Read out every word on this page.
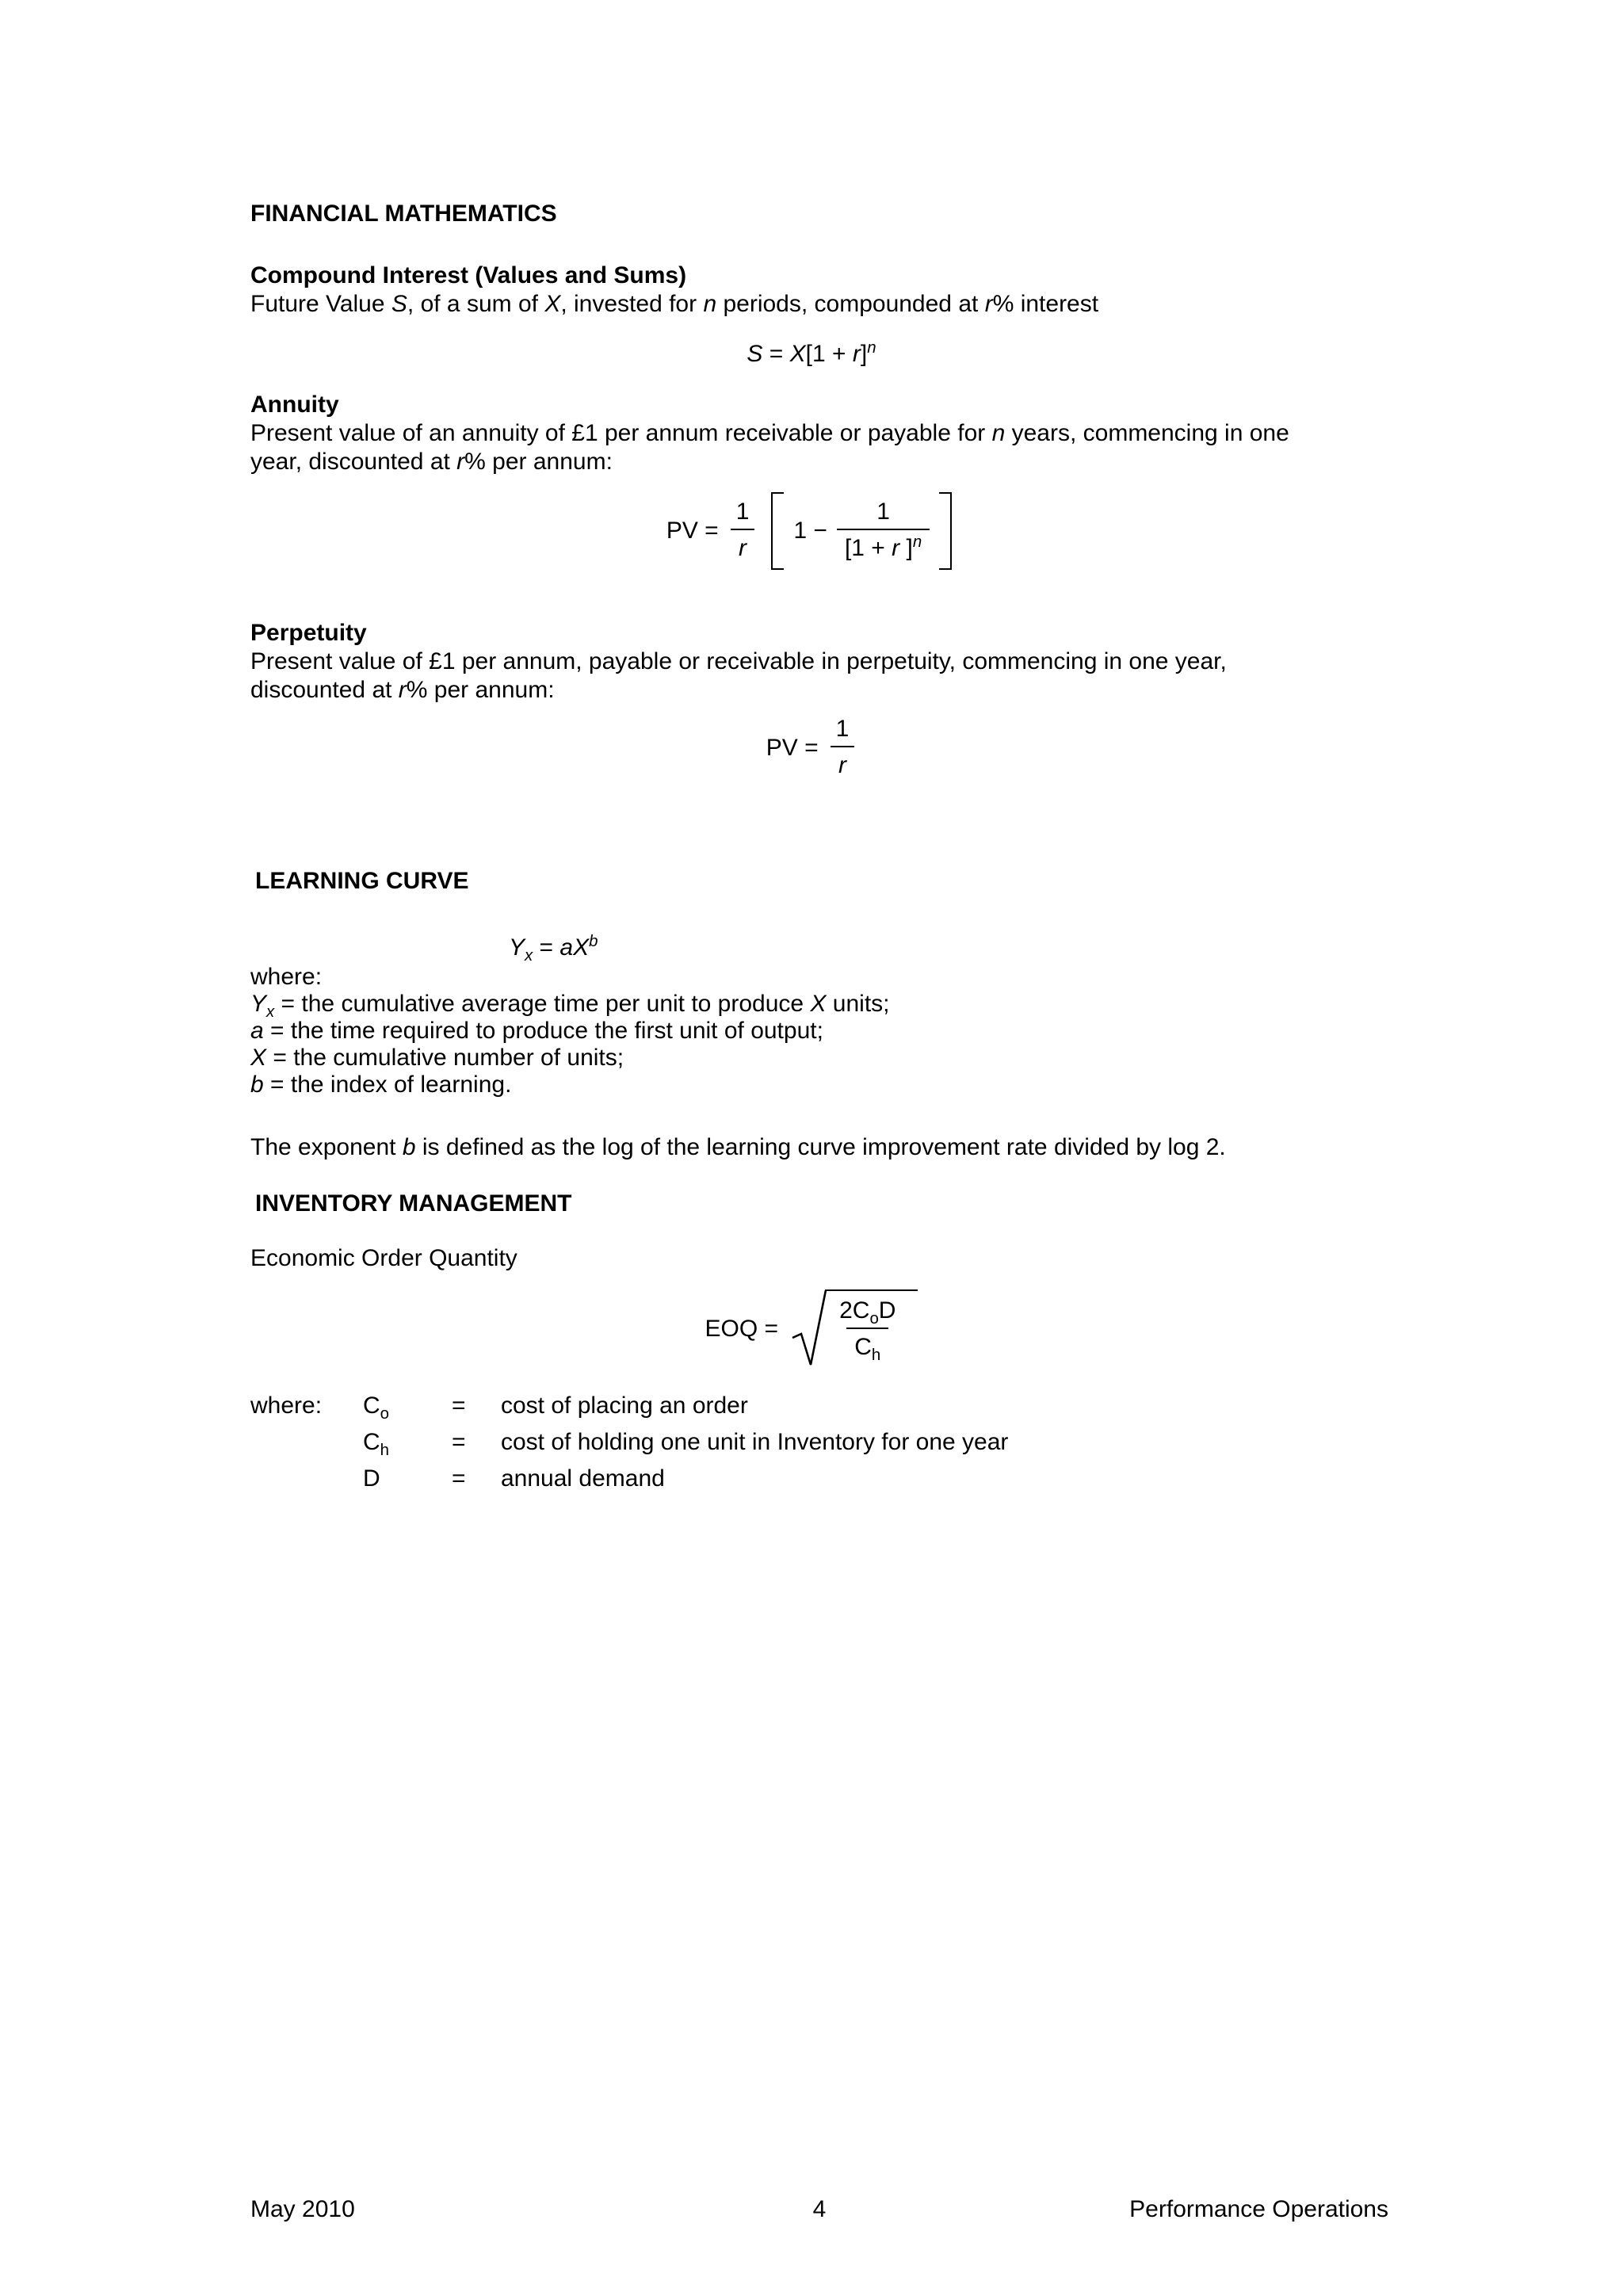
FINANCIAL MATHEMATICS
Compound Interest (Values and Sums)

Future Value S, of a sum of X, invested for n periods, compounded at r% interest

$S = X[1 + r]^n$
Annuity

Present value of an annuity of £1 per annum receivable or payable for n years, commencing in one
year, discounted at r% per annum:

PV = $\frac{1}{r} 1 - \frac{1}{[1 + r ]^n}$
Perpetuity

Present value of £1 per annum, payable or receivable in perpetuity, commencing in one year,
discounted at r% per annum:

PV = $\frac{1}{r}$
LEARNING CURVE
$Y_x = aX^b$

where:

$Y_x$ = the cumulative average time per unit to produce X units;

a = the time required to produce the first unit of output;

X = the cumulative number of units;

b = the index of learning.

The exponent b is defined as the log of the learning curve improvement rate divided by log 2.

INVENTORY MANAGEMENT

Economic Order Quantity

EOQ = $\frac{2C_oD}{C_h}$
where:	$C_o$	=	cost of placing an order
$C_h$	=	cost of holding one unit in Inventory for one year
D	=	annual demand
May 2010	4	Performance Operations
